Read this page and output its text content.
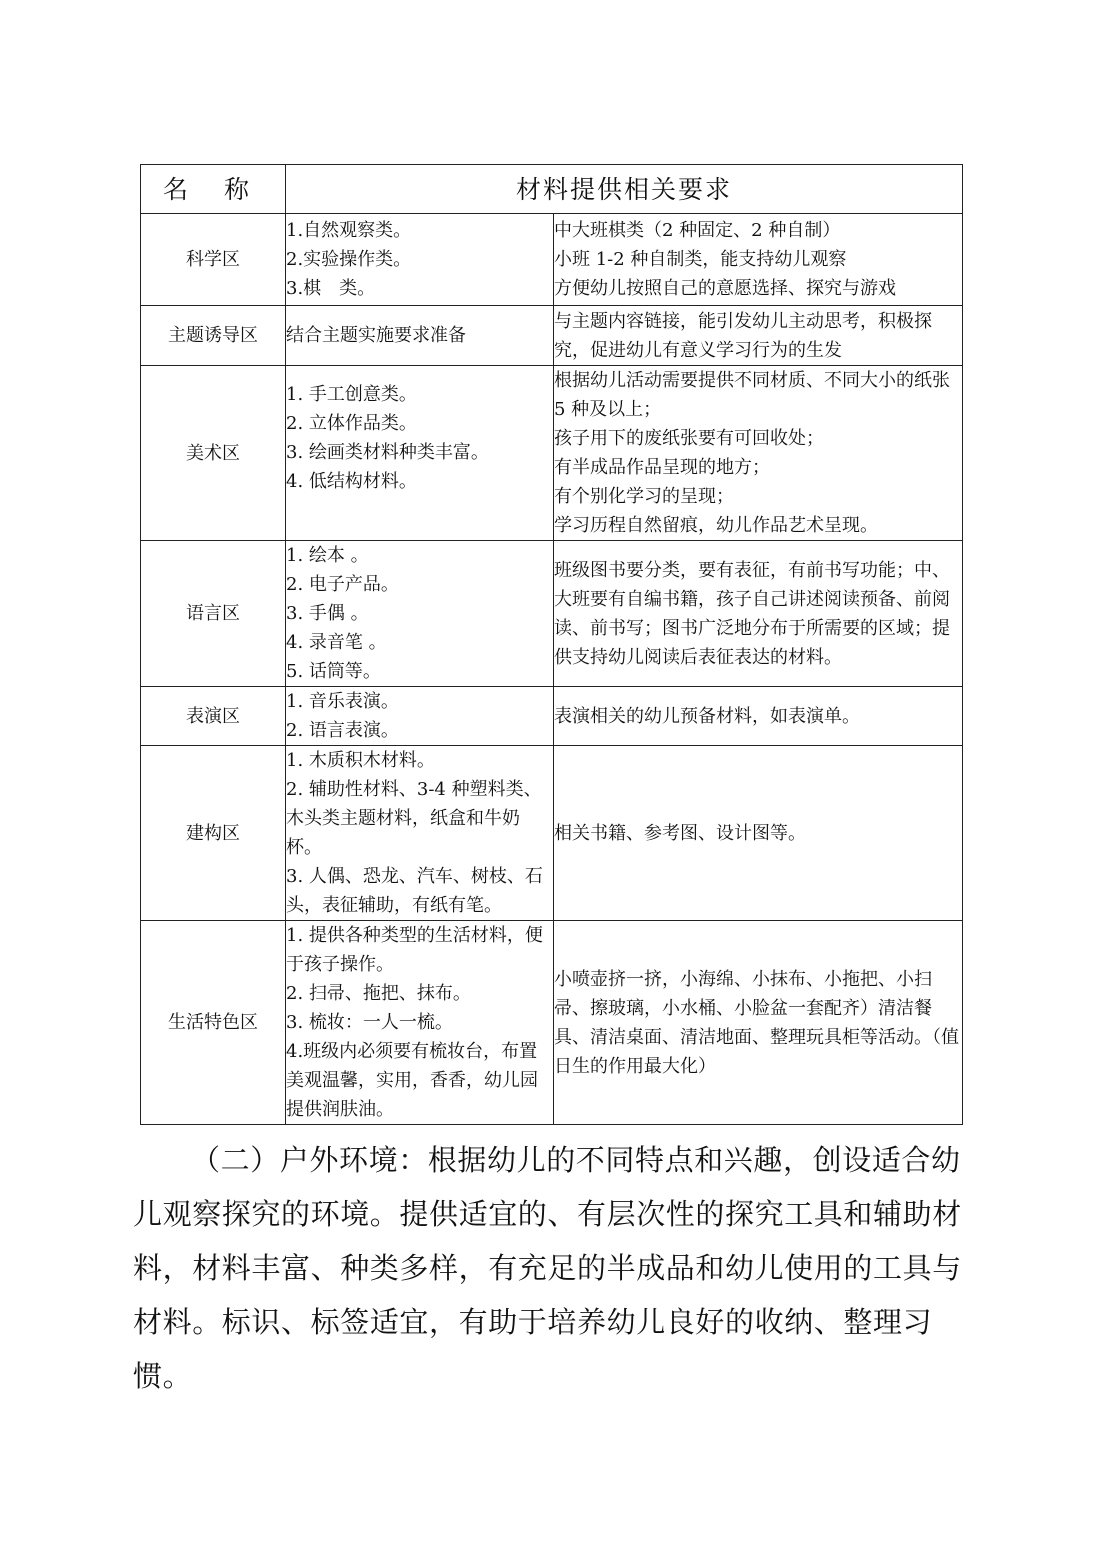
名 称	材料提供相关要求	
科学区	1.自然观察类。
2.实验操作类。
3.棋　类。	中大班棋类（2 种固定、2 种自制）
小班 1-2 种自制类，能支持幼儿观察
方便幼儿按照自己的意愿选择、探究与游戏

主题诱导区	结合主题实施要求准备	与主题内容链接，能引发幼儿主动思考，积极探究，促进幼儿有意义学习行为的生发

美术区	1. 手工创意类。
2. 立体作品类。
3. 绘画类材料种类丰富。
4. 低结构材料。	根据幼儿活动需要提供不同材质、不同大小的纸张 5 种及以上；
孩子用下的废纸张要有可回收处；
有半成品作品呈现的地方；
有个别化学习的呈现；
学习历程自然留痕，幼儿作品艺术呈现。

语言区	1. 绘本 。
2. 电子产品。
3. 手偶 。
4. 录音笔 。
5. 话筒等。	班级图书要分类，要有表征，有前书写功能；中、大班要有自编书籍，孩子自己讲述阅读预备、前阅读、前书写；图书广泛地分布于所需要的区域；提供支持幼儿阅读后表征表达的材料。

表演区	1. 音乐表演。
2. 语言表演。	表演相关的幼儿预备材料，如表演单。

建构区	1. 木质积木材料。
2. 辅助性材料、3-4 种塑料类、木头类主题材料，纸盒和牛奶杯。
3. 人偶、恐龙、汽车、树枝、石头，表征辅助，有纸有笔。	相关书籍、参考图、设计图等。

生活特色区	1. 提供各种类型的生活材料，便于孩子操作。
2. 扫帚、拖把、抹布。
3. 梳妆：一人一梳。
4.班级内必须要有梳妆台，布置美观温馨，实用，香香，幼儿园提供润肤油。	小喷壶挤一挤，小海绵、小抹布、小拖把、小扫帚、擦玻璃，小水桶、小脸盆一套配齐）清洁餐具、清洁桌面、清洁地面、整理玩具柜等活动。（值日生的作用最大化）

（二）户外环境：根据幼儿的不同特点和兴趣，创设适合幼儿观察探究的环境。提供适宜的、有层次性的探究工具和辅助材料，材料丰富、种类多样，有充足的半成品和幼儿使用的工具与材料。标识、标签适宜，有助于培养幼儿良好的收纳、整理习惯。
